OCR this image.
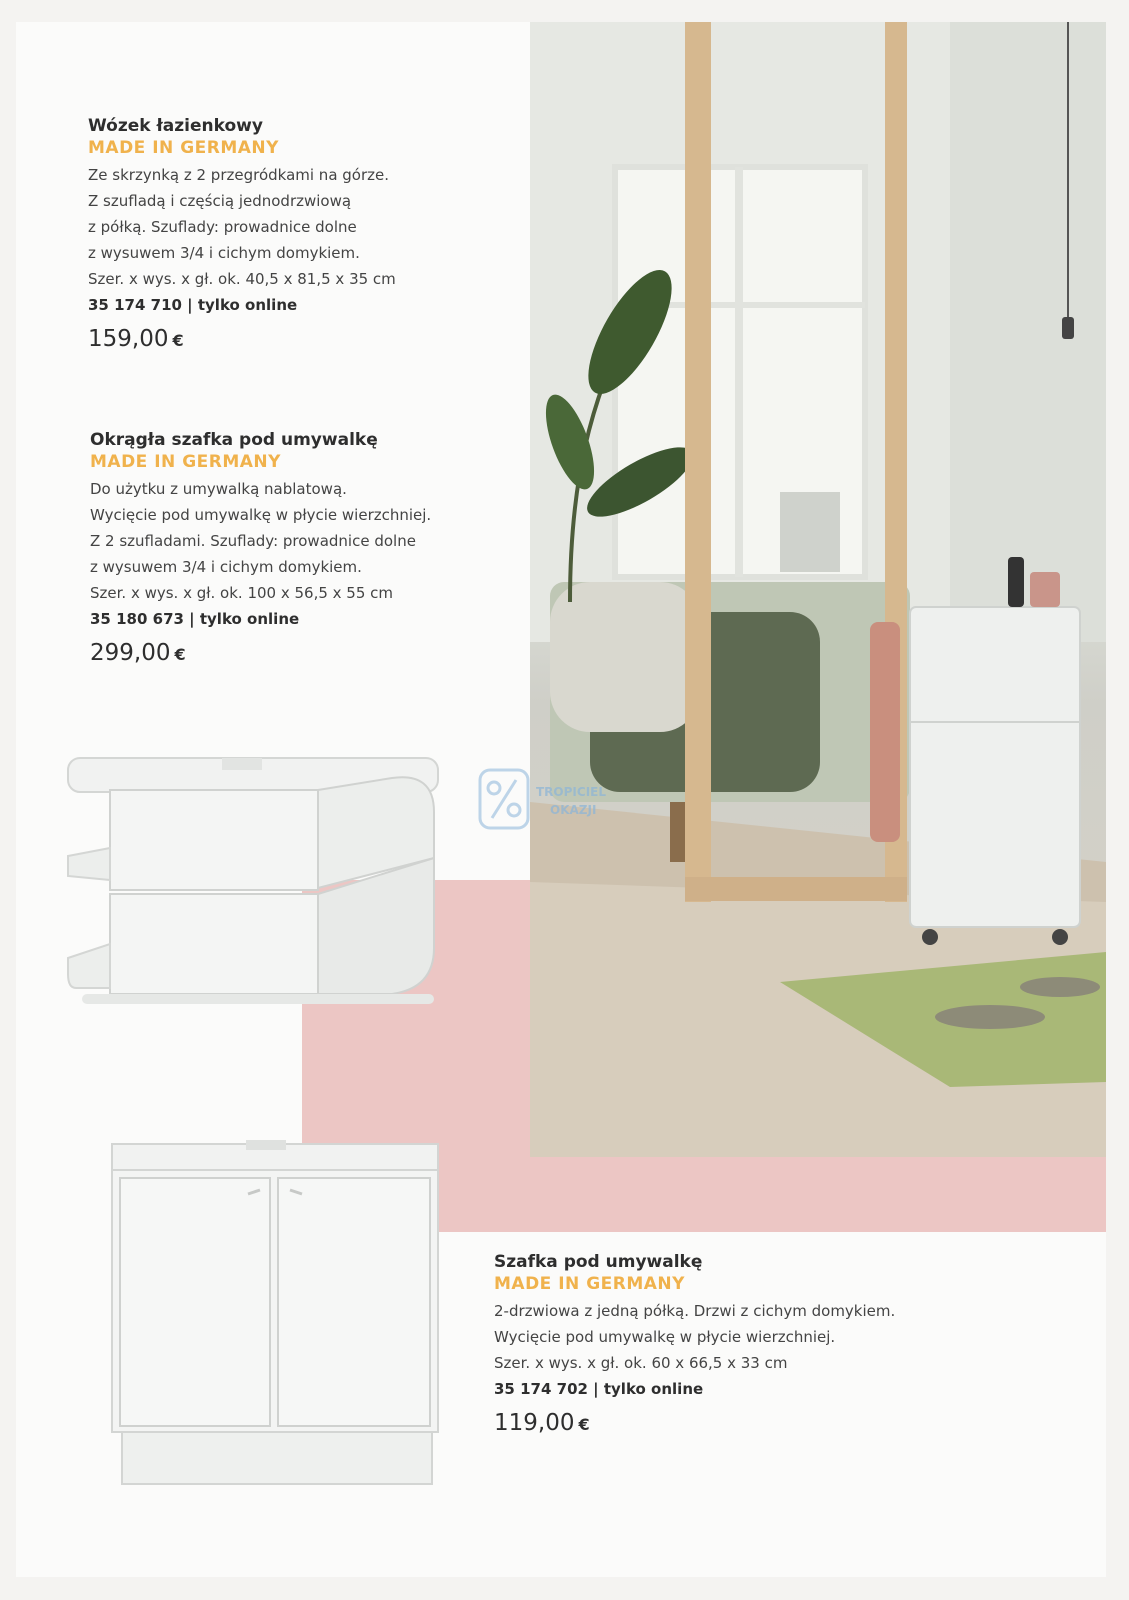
TROPICIEL
OKAZJI

Wózek łazienkowy

MADE IN GERMANY

Ze skrzynką z 2 przegródkami na górze.

Z szufladą i częścią jednodrzwiową

z półką. Szuflady: prowadnice dolne

z wysuwem 3/4 i cichym domykiem.

Szer. x wys. x gł. ok. 40,5 x 81,5 x 35 cm

35 174 710 | tylko online

159,00 €

Okrągła szafka pod umywalkę

MADE IN GERMANY

Do użytku z umywalką nablatową.

Wycięcie pod umywalkę w płycie wierzchniej.

Z 2 szufladami. Szuflady: prowadnice dolne

z wysuwem 3/4 i cichym domykiem.

Szer. x wys. x gł. ok. 100 x 56,5 x 55 cm

35 180 673 | tylko online

299,00 €

Szafka pod umywalkę

MADE IN GERMANY

2-drzwiowa z jedną półką. Drzwi z cichym domykiem.

Wycięcie pod umywalkę w płycie wierzchniej.

Szer. x wys. x gł. ok. 60 x 66,5 x 33 cm

35 174 702 | tylko online

119,00 €
